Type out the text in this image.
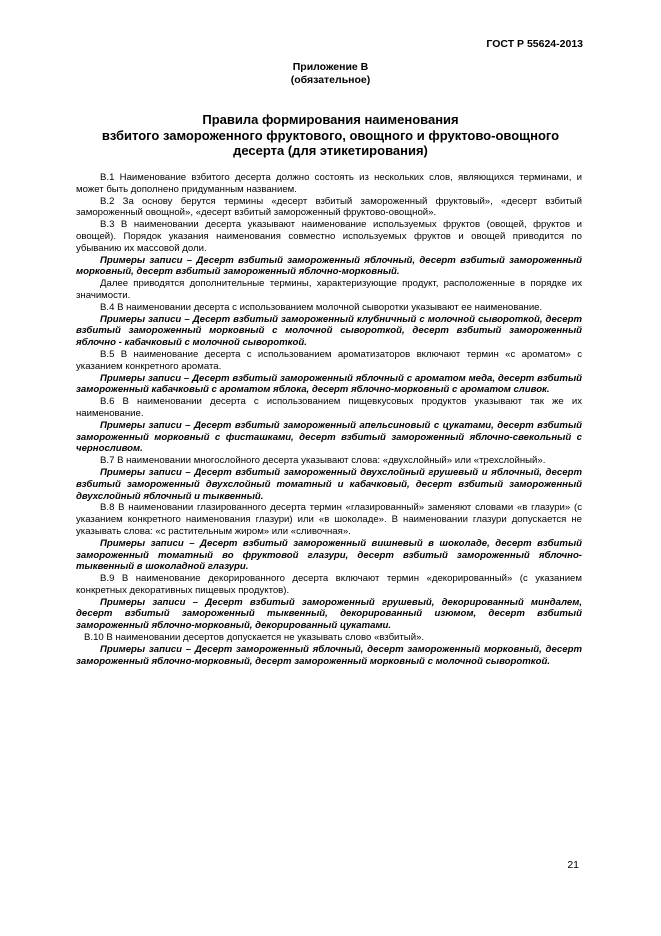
ГОСТ Р 55624-2013
Приложение В
(обязательное)
Правила формирования наименования
взбитого замороженного фруктового, овощного и фруктово-овощного
десерта (для этикетирования)

В.1 Наименование взбитого десерта должно состоять из нескольких слов, являющихся терминами, и может быть дополнено придуманным названием.

В.2 За основу берутся термины «десерт взбитый замороженный фруктовый», «десерт взбитый замороженный овощной», «десерт взбитый замороженный фруктово-овощной».

В.3 В наименовании десерта указывают наименование используемых фруктов (овощей, фруктов и овощей). Порядок указания наименования совместно используемых фруктов и овощей приводится по убыванию их массовой доли.

Примеры записи – Десерт взбитый замороженный яблочный, десерт взбитый замороженный морковный, десерт взбитый замороженный яблочно-морковный.

Далее приводятся дополнительные термины, характеризующие продукт, расположенные в порядке их значимости.

В.4 В наименовании десерта с использованием молочной сыворотки указывают ее наименование.

Примеры записи – Десерт взбитый замороженный клубничный с молочной сывороткой, десерт взбитый замороженный морковный с молочной сывороткой, десерт взбитый замороженный яблочно - кабачковый с молочной сывороткой.

В.5 В наименование десерта с использованием ароматизаторов включают термин «с ароматом» с указанием конкретного аромата.

Примеры записи – Десерт взбитый замороженный яблочный с ароматом меда, десерт взбитый замороженный кабачковый с ароматом яблока, десерт яблочно-морковный с ароматом сливок.

В.6 В наименовании десерта с использованием пищевкусовых продуктов указывают так же их наименование.

Примеры записи – Десерт взбитый замороженный апельсиновый с цукатами, десерт взбитый замороженный морковный с фисташками, десерт взбитый замороженный яблочно-свекольный с черносливом.

В.7 В наименовании многослойного десерта указывают слова: «двухслойный» или «трехслойный».

Примеры записи – Десерт взбитый замороженный двухслойный грушевый и яблочный, десерт взбитый замороженный двухслойный томатный и кабачковый, десерт взбитый замороженный двухслойный яблочный и тыквенный.

В.8 В наименовании глазированного десерта термин «глазированный» заменяют словами «в глазури» (с указанием конкретного наименования глазури) или «в шоколаде». В наименовании глазури допускается не указывать слова: «с растительным жиром» или «сливочная».

Примеры записи – Десерт взбитый замороженный вишневый в шоколаде, десерт взбитый замороженный томатный во фруктовой глазури, десерт взбитый замороженный яблочно-тыквенный в шоколадной глазури.

В.9 В наименование декорированного десерта включают термин «декорированный» (с указанием конкретных декоративных пищевых продуктов).

Примеры записи – Десерт взбитый замороженный грушевый, декорированный миндалем, десерт взбитый замороженный тыквенный, декорированный изюмом, десерт взбитый замороженный яблочно-морковный, декорированный цукатами.

В.10 В наименовании десертов допускается не указывать слово «взбитый».

Примеры записи – Десерт замороженный яблочный, десерт замороженный морковный, десерт замороженный яблочно-морковный, десерт замороженный морковный с молочной сывороткой.

21
